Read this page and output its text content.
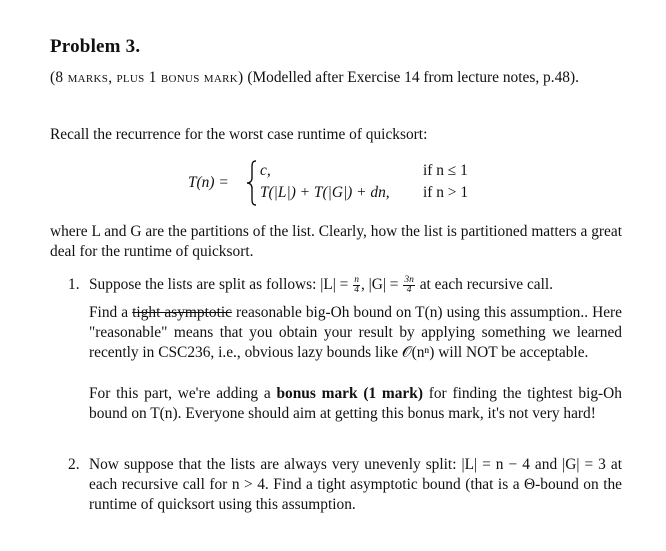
Problem 3.
(8 marks, plus 1 bonus mark) (Modelled after Exercise 14 from lecture notes, p.48).
Recall the recurrence for the worst case runtime of quicksort:
T(n) =
c,
T(|L|) + T(|G|) + dn,
if n ≤ 1
if n > 1
where L and G are the partitions of the list. Clearly, how the list is partitioned matters a great deal for the runtime of quicksort.
1. Suppose the lists are split as follows: $|L| = \frac{n}{4}$ , $|G| = \frac{3n}{4}$ at each recursive call.
Find a tight asymptotic reasonable big-Oh bound on T(n) using this assumption.. Here "reasonable" means that you obtain your result by applying something we learned recently in CSC236, i.e., obvious lazy bounds like 𝒪(nⁿ) will NOT be acceptable.
For this part, we're adding a bonus mark (1 mark) for finding the tightest big-Oh bound on T(n). Everyone should aim at getting this bonus mark, it's not very hard!
2. Now suppose that the lists are always very unevenly split: |L| = n − 4 and |G| = 3 at each recursive call for n > 4. Find a tight asymptotic bound (that is a Θ-bound on the runtime of quicksort using this assumption.
